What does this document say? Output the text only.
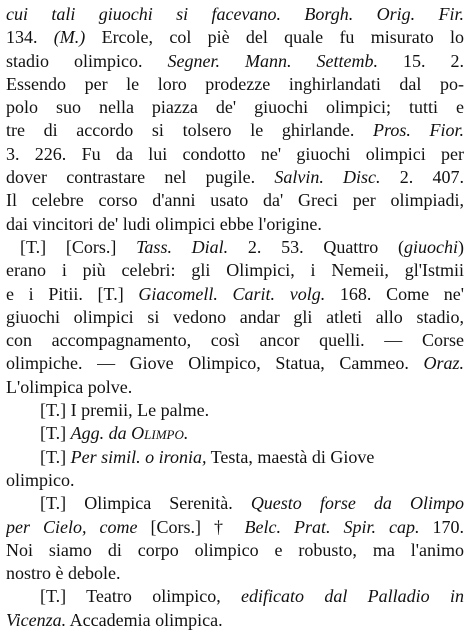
cui tali giuochi si facevano. Borgh. Orig. Fir.
134. (M.) Ercole, col piè del quale fu misurato lo
stadio olimpico. Segner. Mann. Settemb. 15. 2.
Essendo per le loro prodezze inghirlandati dal po-
polo suo nella piazza de' giuochi olimpici; tutti e
tre di accordo si tolsero le ghirlande. Pros. Fior.
3. 226. Fu da lui condotto ne' giuochi olimpici per
dover contrastare nel pugile. Salvin. Disc. 2. 407.
Il celebre corso d'anni usato da' Greci per olimpiadi,
dai vincitori de' ludi olimpici ebbe l'origine.
[T.] [Cors.] Tass. Dial. 2. 53. Quattro (giuochi)
erano i più celebri: gli Olimpici, i Nemeii, gl'Istmii
e i Pitii. [T.] Giacomell. Carit. volg. 168. Come ne'
giuochi olimpici si vedono andar gli atleti allo stadio,
con accompagnamento, così ancor quelli. — Corse
olimpiche. — Giove Olimpico, Statua, Cammeo. Oraz.
L'olimpica polve.
[T.] I premii, Le palme.
[T.] Agg. da Olimpo.
[T.] Per simil. o ironia, Testa, maestà di Giove
olimpico.
[T.] Olimpica Serenità. Questo forse da Olimpo
per Cielo, come [Cors.] † Belc. Prat. Spir. cap. 170.
Noi siamo di corpo olimpico e robusto, ma l'animo
nostro è debole.
[T.] Teatro olimpico, edificato dal Palladio in
Vicenza. Accademia olimpica.
